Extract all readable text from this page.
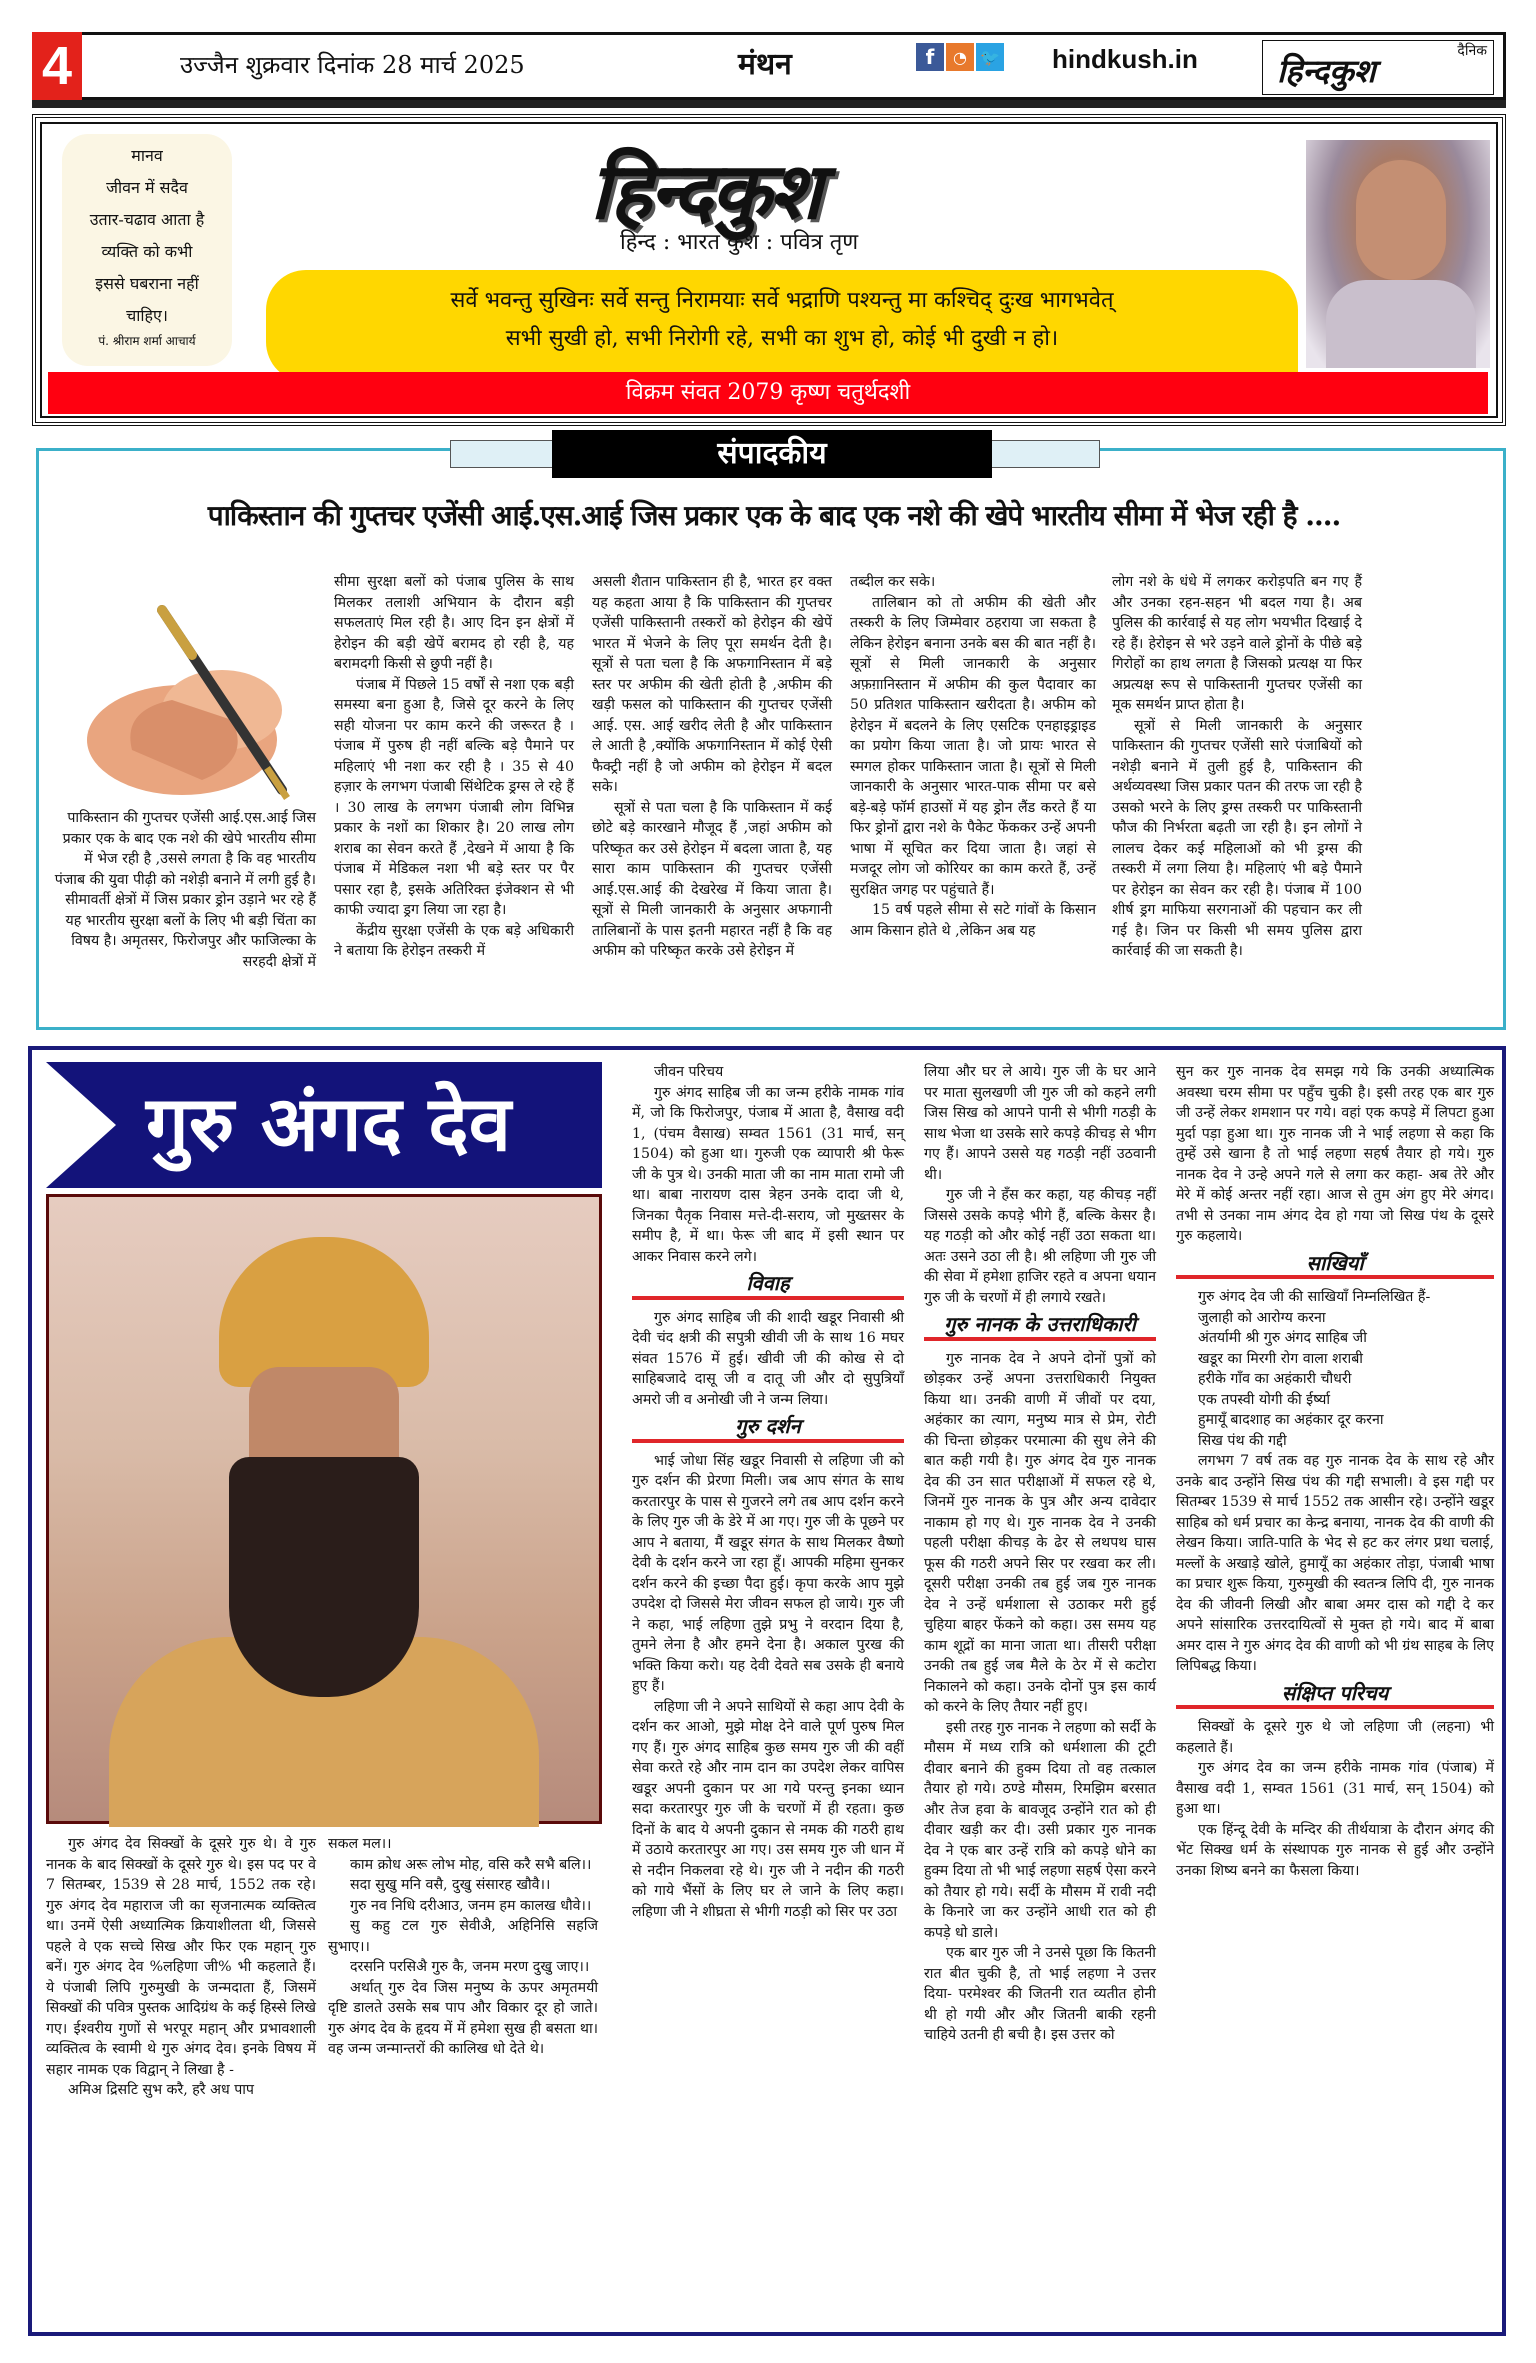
4	उज्जैन शुक्रवार दिनांक 28 मार्च 2025	मंथन	f	◔ 🐦 hindkush.in	दैनिक
हिन्दकुश
मानव
जीवन में सदैव
उतार-चढाव आता है
व्यक्ति को कभी
इससे घबराना नहीं
चाहिए।
पं. श्रीराम शर्मा आचार्य
हिन्दकुश
हिन्द : भारत कुश : पवित्र तृण
सर्वे भवन्तु सुखिनः सर्वे सन्तु निरामयाः सर्वे भद्राणि पश्यन्तु मा कश्चिद् दुःख भागभवेत्
सभी सुखी हो, सभी निरोगी रहे, सभी का शुभ हो, कोई भी दुखी न हो।
विक्रम संवत 2079 कृष्ण चतुर्थदशी
संपादकीय
पाकिस्तान की गुप्तचर एजेंसी आई.एस.आई जिस प्रकार एक के बाद एक नशे की खेपे भारतीय सीमा में भेज रही है ....

पाकिस्तान की गुप्तचर एजेंसी आई.एस.आई जिस प्रकार एक के बाद एक नशे की खेपे भारतीय सीमा में भेज रही है ,उससे लगता है कि वह भारतीय पंजाब की युवा पीढ़ी को नशेड़ी बनाने में लगी हुई है। सीमावर्ती क्षेत्रों में जिस प्रकार ड्रोन उड़ाने भर रहे हैं यह भारतीय सुरक्षा बलों के लिए भी बड़ी चिंता का विषय है। अमृतसर, फिरोजपुर और फाजिल्का के सरहदी क्षेत्रों में

सीमा सुरक्षा बलों को पंजाब पुलिस के साथ मिलकर तलाशी अभियान के दौरान बड़ी सफलताएं मिल रही है। आए दिन इन क्षेत्रों में हेरोइन की बड़ी खेपें बरामद हो रही है, यह बरामदगी किसी से छुपी नहीं है।

पंजाब में पिछले 15 वर्षों से नशा एक बड़ी समस्या बना हुआ है, जिसे दूर करने के लिए सही योजना पर काम करने की जरूरत है । पंजाब में पुरुष ही नहीं बल्कि बड़े पैमाने पर महिलाएं भी नशा कर रही है । 35 से 40 हज़ार के लगभग पंजाबी सिंथेटिक ड्रग्स ले रहे हैं । 30 लाख के लगभग पंजाबी लोग विभिन्न प्रकार के नशों का शिकार है। 20 लाख लोग शराब का सेवन करते हैं ,देखने में आया है कि पंजाब में मेडिकल नशा भी बड़े स्तर पर पैर पसार रहा है, इसके अतिरिक्त इंजेक्शन से भी काफी ज्यादा ड्रग लिया जा रहा है।

केंद्रीय सुरक्षा एजेंसी के एक बड़े अधिकारी ने बताया कि हेरोइन तस्करी में

असली शैतान पाकिस्तान ही है, भारत हर वक्त यह कहता आया है कि पाकिस्तान की गुप्तचर एजेंसी पाकिस्तानी तस्करों को हेरोइन की खेपें भारत में भेजने के लिए पूरा समर्थन देती है। सूत्रों से पता चला है कि अफगानिस्तान में बड़े स्तर पर अफीम की खेती होती है ,अफीम की खड़ी फसल को पाकिस्तान की गुप्तचर एजेंसी आई. एस. आई खरीद लेती है और पाकिस्तान ले आती है ,क्योंकि अफगानिस्तान में कोई ऐसी फैक्ट्री नहीं है जो अफीम को हेरोइन में बदल सके।

सूत्रों से पता चला है कि पाकिस्तान में कई छोटे बड़े कारखाने मौजूद हैं ,जहां अफीम को परिष्कृत कर उसे हेरोइन में बदला जाता है, यह सारा काम पाकिस्तान की गुप्तचर एजेंसी आई.एस.आई की देखरेख में किया जाता है। सूत्रों से मिली जानकारी के अनुसार अफगानी तालिबानों के पास इतनी महारत नहीं है कि वह अफीम को परिष्कृत करके उसे हेरोइन में

तब्दील कर सके।

तालिबान को तो अफीम की खेती और तस्करी के लिए जिम्मेवार ठहराया जा सकता है लेकिन हेरोइन बनाना उनके बस की बात नहीं है।सूत्रों से मिली जानकारी के अनुसार अफ़ग़ानिस्तान में अफीम की कुल पैदावार का 50 प्रतिशत पाकिस्तान खरीदता है। अफीम को हेरोइन में बदलने के लिए एसटिक एनहाइड्राइड का प्रयोग किया जाता है। जो प्रायः भारत से स्मगल होकर पाकिस्तान जाता है। सूत्रों से मिली जानकारी के अनुसार भारत-पाक सीमा पर बसे बड़े-बड़े फॉर्म हाउसों में यह ड्रोन लैंड करते हैं या फिर ड्रोनों द्वारा नशे के पैकेट फेंककर उन्हें अपनी भाषा में सूचित कर दिया जाता है। जहां से मजदूर लोग जो कोरियर का काम करते हैं, उन्हें सुरक्षित जगह पर पहुंचाते हैं।

15 वर्ष पहले सीमा से सटे गांवों के किसान आम किसान होते थे ,लेकिन अब यह

लोग नशे के धंधे में लगकर करोड़पति बन गए हैं और उनका रहन-सहन भी बदल गया है। अब पुलिस की कार्रवाई से यह लोग भयभीत दिखाई दे रहे हैं। हेरोइन से भरे उड़ने वाले ड्रोनों के पीछे बड़े गिरोहों का हाथ लगता है जिसको प्रत्यक्ष या फिर अप्रत्यक्ष रूप से पाकिस्तानी गुप्तचर एजेंसी का मूक समर्थन प्राप्त होता है।

सूत्रों से मिली जानकारी के अनुसार पाकिस्तान की गुप्तचर एजेंसी सारे पंजाबियों को नशेड़ी बनाने में तुली हुई है, पाकिस्तान की अर्थव्यवस्था जिस प्रकार पतन की तरफ जा रही है उसको भरने के लिए ड्रग्स तस्करी पर पाकिस्तानी फौज की निर्भरता बढ़ती जा रही है। इन लोगों ने लालच देकर कई महिलाओं को भी ड्रग्स की तस्करी में लगा लिया है। महिलाएं भी बड़े पैमाने पर हेरोइन का सेवन कर रही है। पंजाब में 100 शीर्ष ड्रग माफिया सरगनाओं की पहचान कर ली गई है। जिन पर किसी भी समय पुलिस द्वारा कार्रवाई की जा सकती है।

गुरु अंगद देव

गुरु अंगद देव सिक्खों के दूसरे गुरु थे। वे गुरु नानक के बाद सिक्खों के दूसरे गुरु थे। इस पद पर वे 7 सितम्बर, 1539 से 28 मार्च, 1552 तक रहे। गुरु अंगद देव महाराज जी का सृजनात्मक व्यक्तित्व था। उनमें ऐसी अध्यात्मिक क्रियाशीलता थी, जिससे पहले वे एक सच्चे सिख और फिर एक महान् गुरु बनें। गुरु अंगद देव %लहिणा जी% भी कहलाते हैं। ये पंजाबी लिपि गुरुमुखी के जन्मदाता हैं, जिसमें सिक्खों की पवित्र पुस्तक आदिग्रंथ के कई हिस्से लिखे गए। ईश्वरीय गुणों से भरपूर महान् और प्रभावशाली व्यक्तित्व के स्वामी थे गुरु अंगद देव। इनके विषय में सहार नामक एक विद्वान् ने लिखा है -

अमिअ द्रिसटि सुभ करै, हरै अध पाप

सकल मल।।

काम क्रोध अरू लोभ मोह, वसि करै सभै बलि।।

सदा सुखु मनि वसै, दुखु संसारह खौवै।।

गुरु नव निधि दरीआउ, जनम हम कालख धौवे।।

सु कहु टल गुरु सेवीअै, अहिनिसि सहजि सुभाए।।

दरसनि परसिअै गुरु कै, जनम मरण दुखु जाए।।

अर्थात् गुरु देव जिस मनुष्य के ऊपर अमृतमयी दृष्टि डालते उसके सब पाप और विकार दूर हो जाते। गुरु अंगद देव के हृदय में में हमेशा सुख ही बसता था। वह जन्म जन्मान्तरों की कालिख धो देते थे।

जीवन परिचय

गुरु अंगद साहिब जी का जन्म हरीके नामक गांव में, जो कि फिरोजपुर, पंजाब में आता है, वैसाख वदी 1, (पंचम वैसाख) सम्वत 1561 (31 मार्च, सन् 1504) को हुआ था। गुरुजी एक व्यापारी श्री फेरू जी के पुत्र थे। उनकी माता जी का नाम माता रामो जी था। बाबा नारायण दास त्रेहन उनके दादा जी थे, जिनका पैतृक निवास मत्ते-दी-सराय, जो मुख्तसर के समीप है, में था। फेरू जी बाद में इसी स्थान पर आकर निवास करने लगे।

विवाह

गुरु अंगद साहिब जी की शादी खडूर निवासी श्री देवी चंद क्षत्री की सपुत्री खीवी जी के साथ 16 मघर संवत 1576 में हुई। खीवी जी की कोख से दो साहिबजादे दासू जी व दातू जी और दो सुपुत्रियाँ अमरो जी व अनोखी जी ने जन्म लिया।

गुरु दर्शन

भाई जोधा सिंह खडूर निवासी से लहिणा जी को गुरु दर्शन की प्रेरणा मिली। जब आप संगत के साथ करतारपुर के पास से गुजरने लगे तब आप दर्शन करने के लिए गुरु जी के डेरे में आ गए। गुरु जी के पूछने पर आप ने बताया, मैं खडूर संगत के साथ मिलकर वैष्णो देवी के दर्शन करने जा रहा हूँ। आपकी महिमा सुनकर दर्शन करने की इच्छा पैदा हुई। कृपा करके आप मुझे उपदेश दो जिससे मेरा जीवन सफल हो जाये। गुरु जी ने कहा, भाई लहिणा तुझे प्रभु ने वरदान दिया है, तुमने लेना है और हमने देना है। अकाल पुरख की भक्ति किया करो। यह देवी देवते सब उसके ही बनाये हुए हैं।

लहिणा जी ने अपने साथियों से कहा आप देवी के दर्शन कर आओ, मुझे मोक्ष देने वाले पूर्ण पुरुष मिल गए हैं। गुरु अंगद साहिब कुछ समय गुरु जी की वहीं सेवा करते रहे और नाम दान का उपदेश लेकर वापिस खडूर अपनी दुकान पर आ गये परन्तु इनका ध्यान सदा करतारपुर गुरु जी के चरणों में ही रहता। कुछ दिनों के बाद ये अपनी दुकान से नमक की गठरी हाथ में उठाये करतारपुर आ गए। उस समय गुरु जी धान में से नदीन निकलवा रहे थे। गुरु जी ने नदीन की गठरी को गाये भैंसों के लिए घर ले जाने के लिए कहा। लहिणा जी ने शीघ्रता से भीगी गठड़ी को सिर पर उठा

लिया और घर ले आये। गुरु जी के घर आने पर माता सुलखणी जी गुरु जी को कहने लगी जिस सिख को आपने पानी से भीगी गठड़ी के साथ भेजा था उसके सारे कपड़े कीचड़ से भीग गए हैं। आपने उससे यह गठड़ी नहीं उठवानी थी।

गुरु जी ने हँस कर कहा, यह कीचड़ नहीं जिससे उसके कपड़े भीगे हैं, बल्कि केसर है। यह गठड़ी को और कोई नहीं उठा सकता था। अतः उसने उठा ली है। श्री लहिणा जी गुरु जी की सेवा में हमेशा हाजिर रहते व अपना धयान गुरु जी के चरणों में ही लगाये रखते।

गुरु नानक के उत्तराधिकारी

गुरु नानक देव ने अपने दोनों पुत्रों को छोड़कर उन्हें अपना उत्तराधिकारी नियुक्त किया था। उनकी वाणी में जीवों पर दया, अहंकार का त्याग, मनुष्य मात्र से प्रेम, रोटी की चिन्ता छोड़कर परमात्मा की सुध लेने की बात कही गयी है। गुरु अंगद देव गुरु नानक देव की उन सात परीक्षाओं में सफल रहे थे, जिनमें गुरु नानक के पुत्र और अन्य दावेदार नाकाम हो गए थे। गुरु नानक देव ने उनकी पहली परीक्षा कीचड़ के ढेर से लथपथ घास फूस की गठरी अपने सिर पर रखवा कर ली। दूसरी परीक्षा उनकी तब हुई जब गुरु नानक देव ने उन्हें धर्मशाला से उठाकर मरी हुई चुहिया बाहर फेंकने को कहा। उस समय यह काम शूद्रों का माना जाता था। तीसरी परीक्षा उनकी तब हुई जब मैले के ठेर में से कटोरा निकालने को कहा। उनके दोनों पुत्र इस कार्य को करने के लिए तैयार नहीं हुए।

इसी तरह गुरु नानक ने लहणा को सर्दी के मौसम में मध्य रात्रि को धर्मशाला की टूटी दीवार बनाने की हुक्म दिया तो वह तत्काल तैयार हो गये। ठण्डे मौसम, रिमझिम बरसात और तेज हवा के बावजूद उन्होंने रात को ही दीवार खड़ी कर दी। उसी प्रकार गुरु नानक देव ने एक बार उन्हें रात्रि को कपड़े धोने का हुक्म दिया तो भी भाई लहणा सहर्ष ऐसा करने को तैयार हो गये। सर्दी के मौसम में रावी नदी के किनारे जा कर उन्होंने आधी रात को ही कपड़े धो डाले।

एक बार गुरु जी ने उनसे पूछा कि कितनी रात बीत चुकी है, तो भाई लहणा ने उत्तर दिया- परमेश्वर की जितनी रात व्यतीत होनी थी हो गयी और और जितनी बाकी रहनी चाहिये उतनी ही बची है। इस उत्तर को

सुन कर गुरु नानक देव समझ गये कि उनकी अध्यात्मिक अवस्था चरम सीमा पर पहुँच चुकी है। इसी तरह एक बार गुरु जी उन्हें लेकर शमशान पर गये। वहां एक कपड़े में लिपटा हुआ मुर्दा पड़ा हुआ था। गुरु नानक जी ने भाई लहणा से कहा कि तुम्हें उसे खाना है तो भाई लहणा सहर्ष तैयार हो गये। गुरु नानक देव ने उन्हे अपने गले से लगा कर कहा- अब तेरे और मेरे में कोई अन्तर नहीं रहा। आज से तुम अंग हुए मेरे अंगद। तभी से उनका नाम अंगद देव हो गया जो सिख पंथ के दूसरे गुरु कहलाये।

साखियाँ

गुरु अंगद देव जी की साखियाँ निम्नलिखित हैं-

जुलाही को आरोग्य करना

अंतर्यामी श्री गुरु अंगद साहिब जी

खडूर का मिरगी रोग वाला शराबी

हरीके गाँव का अहंकारी चौधरी

एक तपस्वी योगी की ईर्ष्या

हुमायूँ बादशाह का अहंकार दूर करना

सिख पंथ की गद्दी

लगभग 7 वर्ष तक वह गुरु नानक देव के साथ रहे और उनके बाद उन्होंने सिख पंथ की गद्दी सभाली। वे इस गद्दी पर सितम्बर 1539 से मार्च 1552 तक आसीन रहे। उन्होंने खडूर साहिब को धर्म प्रचार का केन्द्र बनाया, नानक देव की वाणी की लेखन किया। जाति-पाति के भेद से हट कर लंगर प्रथा चलाई, मल्लों के अखाड़े खोले, हुमायूँ का अहंकार तोड़ा, पंजाबी भाषा का प्रचार शुरू किया, गुरुमुखी की स्वतन्त्र लिपि दी, गुरु नानक देव की जीवनी लिखी और बाबा अमर दास को गद्दी दे कर अपने सांसारिक उत्तरदायित्वों से मुक्त हो गये। बाद में बाबा अमर दास ने गुरु अंगद देव की वाणी को भी ग्रंथ साहब के लिए लिपिबद्ध किया।

संक्षिप्त परिचय

सिक्खों के दूसरे गुरु थे जो लहिणा जी (लहना) भी कहलाते हैं।

गुरु अंगद देव का जन्म हरीके नामक गांव (पंजाब) में वैसाख वदी 1, सम्वत 1561 (31 मार्च, सन् 1504) को हुआ था।

एक हिंन्दू देवी के मन्दिर की तीर्थयात्रा के दौरान अंगद की भेंट सिक्ख धर्म के संस्थापक गुरु नानक से हुई और उन्होंने उनका शिष्य बनने का फैसला किया।
